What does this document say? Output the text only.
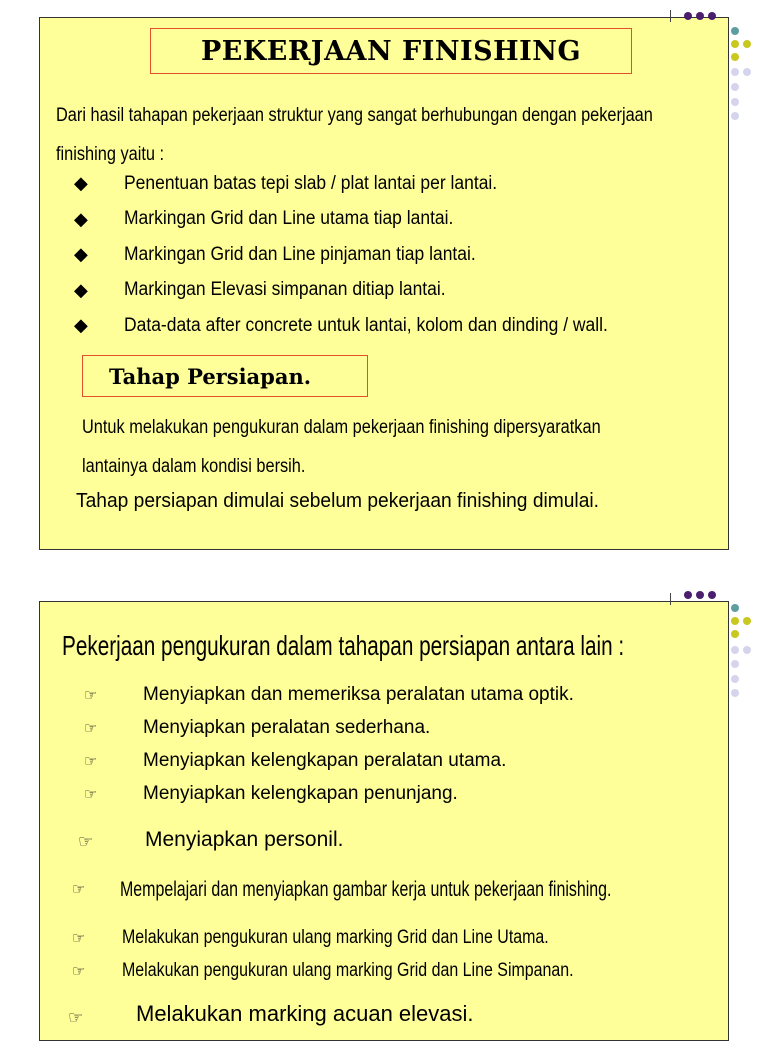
PEKERJAAN FINISHING
Dari hasil tahapan pekerjaan struktur yang sangat berhubungan dengan pekerjaan
finishing yaitu :
◆	Penentuan batas tepi slab / plat lantai per lantai.
◆	Markingan Grid dan Line utama tiap lantai.
◆	Markingan Grid dan Line pinjaman tiap lantai.
◆	Markingan Elevasi simpanan ditiap lantai.
◆	Data-data after concrete untuk lantai, kolom dan dinding / wall.
Tahap Persiapan.
Untuk melakukan pengukuran dalam pekerjaan finishing dipersyaratkan
lantainya dalam kondisi bersih.
Tahap persiapan dimulai sebelum pekerjaan finishing dimulai.
Pekerjaan pengukuran dalam tahapan persiapan antara lain :
☞ Menyiapkan dan memeriksa peralatan utama optik.
☞ Menyiapkan peralatan sederhana.
☞ Menyiapkan kelengkapan peralatan utama.
☞ Menyiapkan kelengkapan penunjang.
☞ Menyiapkan personil.
☞ Mempelajari dan menyiapkan gambar kerja untuk pekerjaan finishing.
☞ Melakukan pengukuran ulang marking Grid dan Line Utama.
☞ Melakukan pengukuran ulang marking Grid dan Line Simpanan.
☞ Melakukan marking acuan elevasi.
